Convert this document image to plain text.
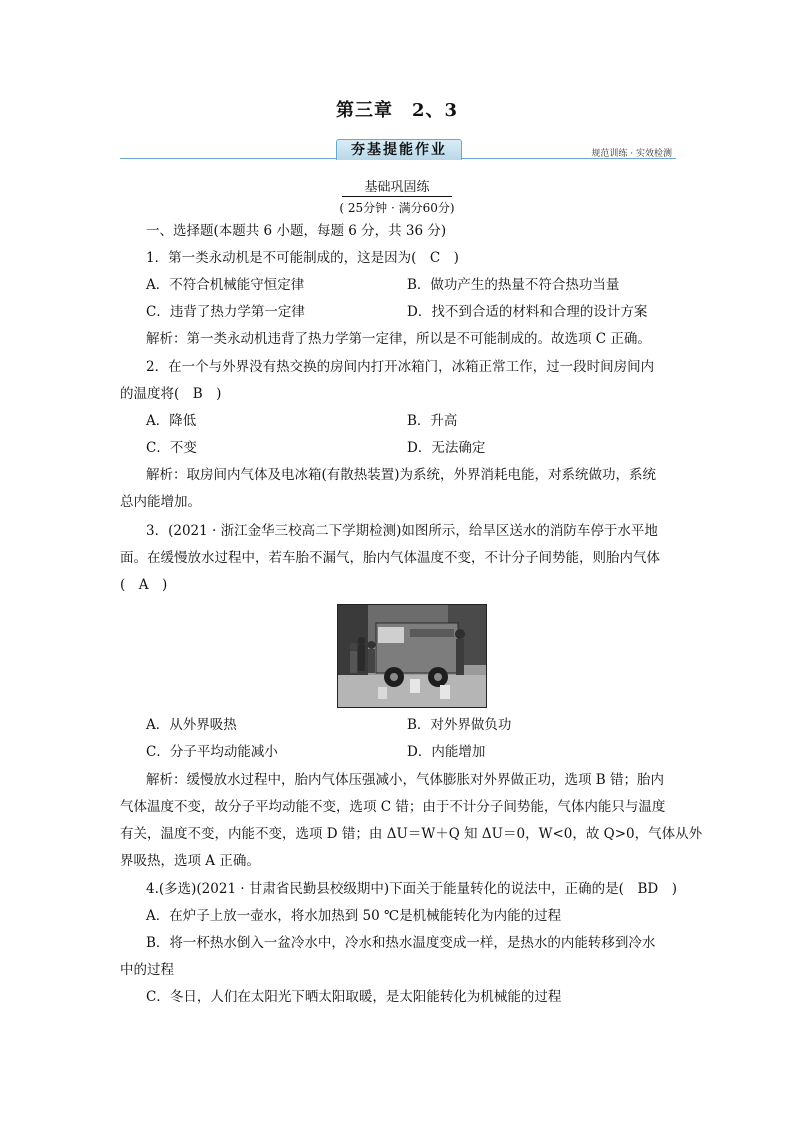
第三章　2、3
夯基提能作业	规范训练 · 实效检测
基础巩固练
( 25分钟 · 满分60分)
一、选择题(本题共 6 小题，每题 6 分，共 36 分)
1．第一类永动机是不可能制成的，这是因为(　C　)
A．不符合机械能守恒定律	B．做功产生的热量不符合热功当量
C．违背了热力学第一定律	D．找不到合适的材料和合理的设计方案
解析：第一类永动机违背了热力学第一定律，所以是不可能制成的。故选项 C 正确。
2．在一个与外界没有热交换的房间内打开冰箱门，冰箱正常工作，过一段时间房间内
的温度将(　B　)
A．降低	B．升高
C．不变	D．无法确定
解析：取房间内气体及电冰箱(有散热装置)为系统，外界消耗电能，对系统做功，系统
总内能增加。
3．(2021 · 浙江金华三校高二下学期检测)如图所示，给旱区送水的消防车停于水平地
面。在缓慢放水过程中，若车胎不漏气，胎内气体温度不变，不计分子间势能，则胎内气体
(　A　)
A．从外界吸热	B．对外界做负功
C．分子平均动能减小	D．内能增加
解析：缓慢放水过程中，胎内气体压强减小，气体膨胀对外界做正功，选项 B 错；胎内
气体温度不变，故分子平均动能不变，选项 C 错；由于不计分子间势能，气体内能只与温度
有关，温度不变，内能不变，选项 D 错；由 ΔU＝W＋Q 知 ΔU＝0，W<0，故 Q>0，气体从外
界吸热，选项 A 正确。
4.(多选)(2021 · 甘肃省民勤县校级期中)下面关于能量转化的说法中，正确的是(　BD　)
A．在炉子上放一壶水，将水加热到 50 ℃是机械能转化为内能的过程
B．将一杯热水倒入一盆冷水中，冷水和热水温度变成一样，是热水的内能转移到冷水
中的过程
C．冬日，人们在太阳光下晒太阳取暖，是太阳能转化为机械能的过程
